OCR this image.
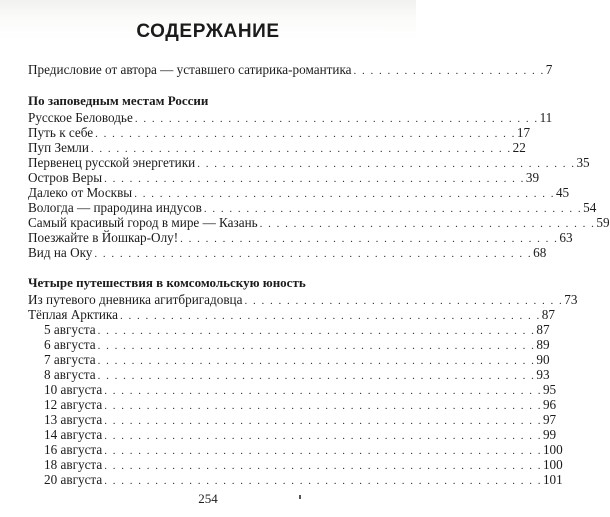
СОДЕРЖАНИЕ
Предисловие от автора — уставшего сатирика-романтика . . . . . . . . . . . . . . . . . . . . . . . 7
По заповедным местам России
Русское Беловодье . . . . . . . . . . . . . . . . . . . . . . . . . . . . . . . . . . . . . . . . . . . . . . . . 11
Путь к себе . . . . . . . . . . . . . . . . . . . . . . . . . . . . . . . . . . . . . . . . . . . . . . . . . . 17
Пуп Земли . . . . . . . . . . . . . . . . . . . . . . . . . . . . . . . . . . . . . . . . . . . . . . . . . . 22
Первенец русской энергетики . . . . . . . . . . . . . . . . . . . . . . . . . . . . . . . . . . . . . . . . . . . . . 35
Остров Веры . . . . . . . . . . . . . . . . . . . . . . . . . . . . . . . . . . . . . . . . . . . . . . . . . . 39
Далеко от Москвы . . . . . . . . . . . . . . . . . . . . . . . . . . . . . . . . . . . . . . . . . . . . . . . . . . 45
Вологда — прародина индусов . . . . . . . . . . . . . . . . . . . . . . . . . . . . . . . . . . . . . . . . . . . . . 54
Самый красивый город в мире — Казань . . . . . . . . . . . . . . . . . . . . . . . . . . . . . . . . . . . . . . . . 59
Поезжайте в Йошкар-Олу! . . . . . . . . . . . . . . . . . . . . . . . . . . . . . . . . . . . . . . . . . . . . . 63
Вид на Оку . . . . . . . . . . . . . . . . . . . . . . . . . . . . . . . . . . . . . . . . . . . . . . . . . . . . 68
Четыре путешествия в комсомольскую юность
Из путевого дневника агитбригадовца . . . . . . . . . . . . . . . . . . . . . . . . . . . . . . . . . . . . . . 73
Тёплая Арктика . . . . . . . . . . . . . . . . . . . . . . . . . . . . . . . . . . . . . . . . . . . . . . . . . . 87
5 августа . . . . . . . . . . . . . . . . . . . . . . . . . . . . . . . . . . . . . . . . . . . . . . . . . . . . 87
6 августа . . . . . . . . . . . . . . . . . . . . . . . . . . . . . . . . . . . . . . . . . . . . . . . . . . . . 89
7 августа . . . . . . . . . . . . . . . . . . . . . . . . . . . . . . . . . . . . . . . . . . . . . . . . . . . . 90
8 августа . . . . . . . . . . . . . . . . . . . . . . . . . . . . . . . . . . . . . . . . . . . . . . . . . . . . 93
10 августа . . . . . . . . . . . . . . . . . . . . . . . . . . . . . . . . . . . . . . . . . . . . . . . . . . . . 95
12 августа . . . . . . . . . . . . . . . . . . . . . . . . . . . . . . . . . . . . . . . . . . . . . . . . . . . . 96
13 августа . . . . . . . . . . . . . . . . . . . . . . . . . . . . . . . . . . . . . . . . . . . . . . . . . . . . 97
14 августа . . . . . . . . . . . . . . . . . . . . . . . . . . . . . . . . . . . . . . . . . . . . . . . . . . . . 99
16 августа . . . . . . . . . . . . . . . . . . . . . . . . . . . . . . . . . . . . . . . . . . . . . . . . . . . . 100
18 августа . . . . . . . . . . . . . . . . . . . . . . . . . . . . . . . . . . . . . . . . . . . . . . . . . . . . 100
20 августа . . . . . . . . . . . . . . . . . . . . . . . . . . . . . . . . . . . . . . . . . . . . . . . . . . . . 101
254
